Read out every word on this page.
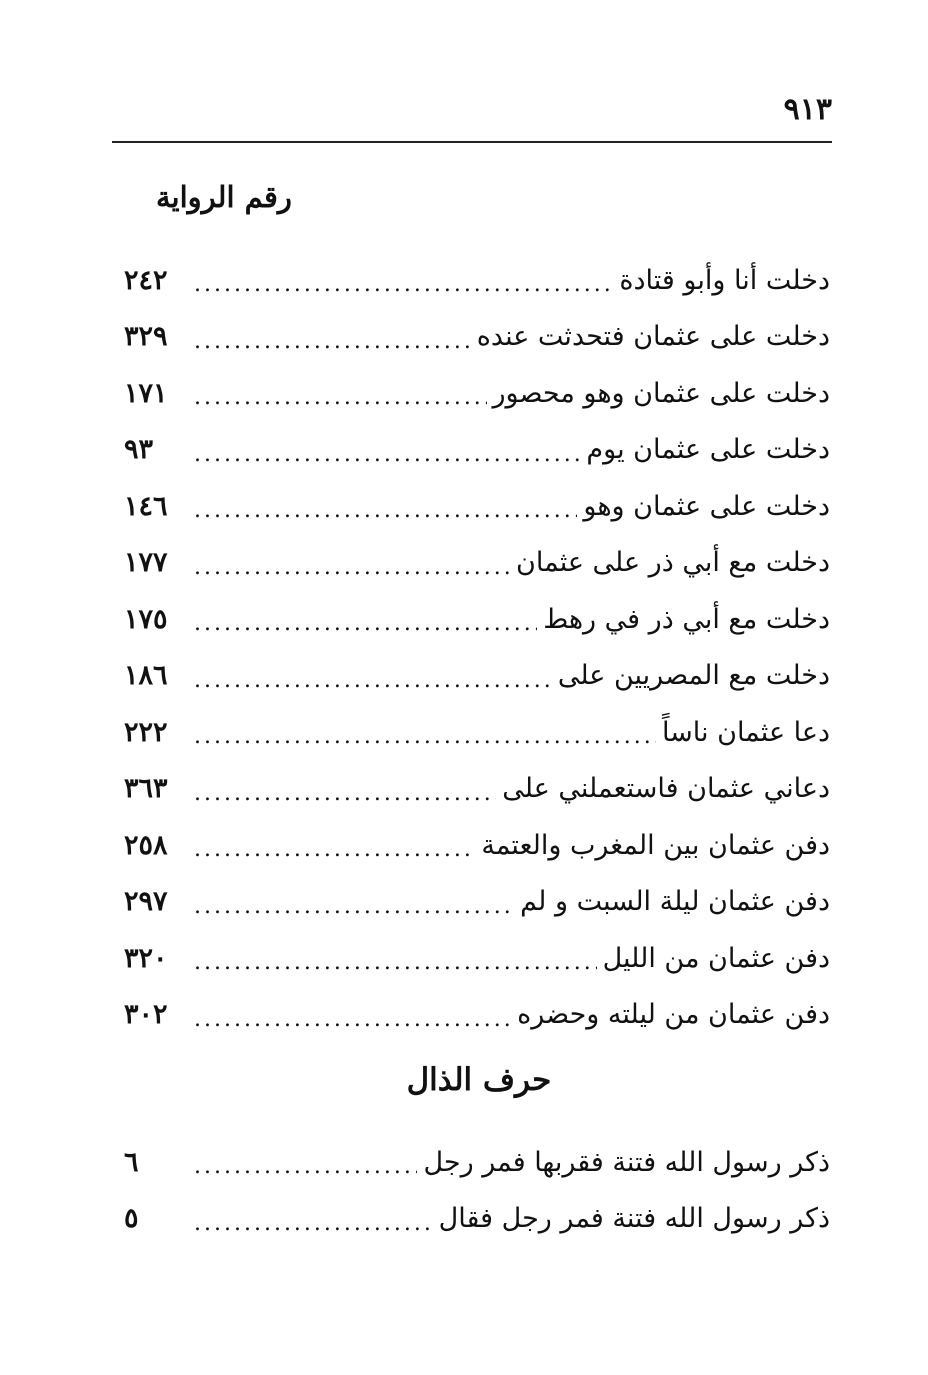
٩١٣
رقم الرواية
دخلت أنا وأبو قتادة
.....
٢٤٢
دخلت على عثمان فتحدثت عنده
.....
٣٢٩
دخلت على عثمان وهو محصور
.....
١٧١
دخلت على عثمان يوم
.....
٩٣
دخلت على عثمان وهو
.....
١٤٦
دخلت مع أبي ذر على عثمان
.....
١٧٧
دخلت مع أبي ذر في رهط
.....
١٧٥
دخلت مع المصريين على
.....
١٨٦
دعا عثمان ناساً
.....
٢٢٢
دعاني عثمان فاستعملني على
.....
٣٦٣
دفن عثمان بين المغرب والعتمة
.....
٢٥٨
دفن عثمان ليلة السبت و لم
.....
٢٩٧
دفن عثمان من الليل
.....
٣٢٠
دفن عثمان من ليلته وحضره
.....
٣٠٢
حرف الذال
ذكر رسول الله فتنة فقربها فمر رجل
.....
٦
ذكر رسول الله فتنة فمر رجل فقال
.....
٥
